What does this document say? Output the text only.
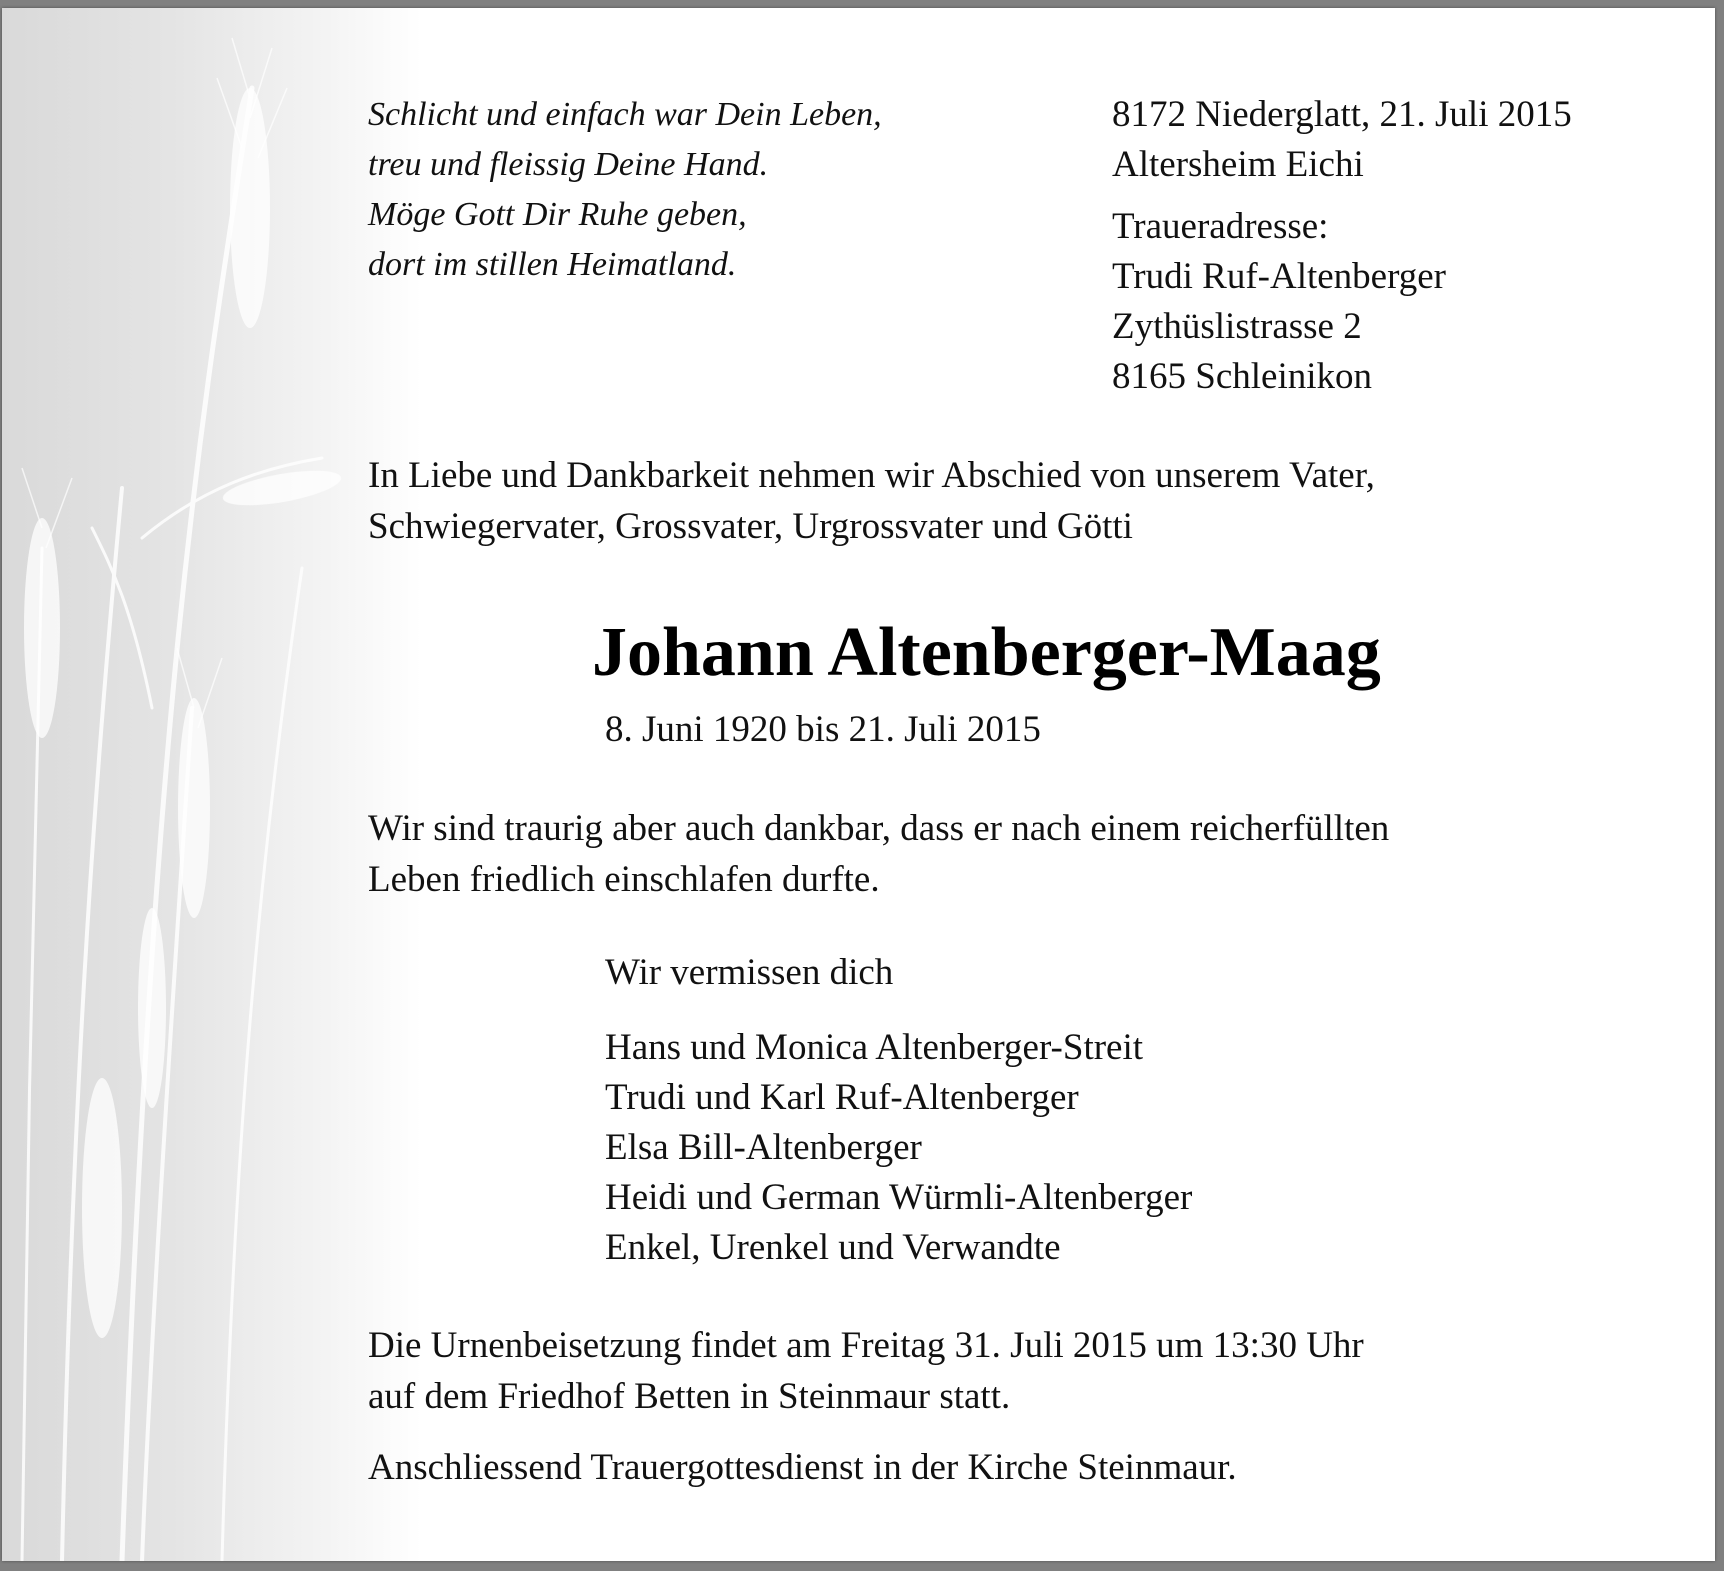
Schlicht und einfach war Dein Leben,
treu und fleissig Deine Hand.
Möge Gott Dir Ruhe geben,
dort im stillen Heimatland.
8172 Niederglatt, 21. Juli 2015
Altersheim Eichi
Traueradresse:
Trudi Ruf-Altenberger
Zythüslistrasse 2
8165 Schleinikon
In Liebe und Dankbarkeit nehmen wir Abschied von unserem Vater,
Schwiegervater, Grossvater, Urgrossvater und Götti
Johann Altenberger-Maag
8. Juni 1920 bis 21. Juli 2015
Wir sind traurig aber auch dankbar, dass er nach einem reicherfüllten
Leben friedlich einschlafen durfte.
Wir vermissen dich
Hans und Monica Altenberger-Streit
Trudi und Karl Ruf-Altenberger
Elsa Bill-Altenberger
Heidi und German Würmli-Altenberger
Enkel, Urenkel und Verwandte
Die Urnenbeisetzung findet am Freitag 31. Juli 2015 um 13:30 Uhr
auf dem Friedhof Betten in Steinmaur statt.
Anschliessend Trauergottesdienst in der Kirche Steinmaur.
